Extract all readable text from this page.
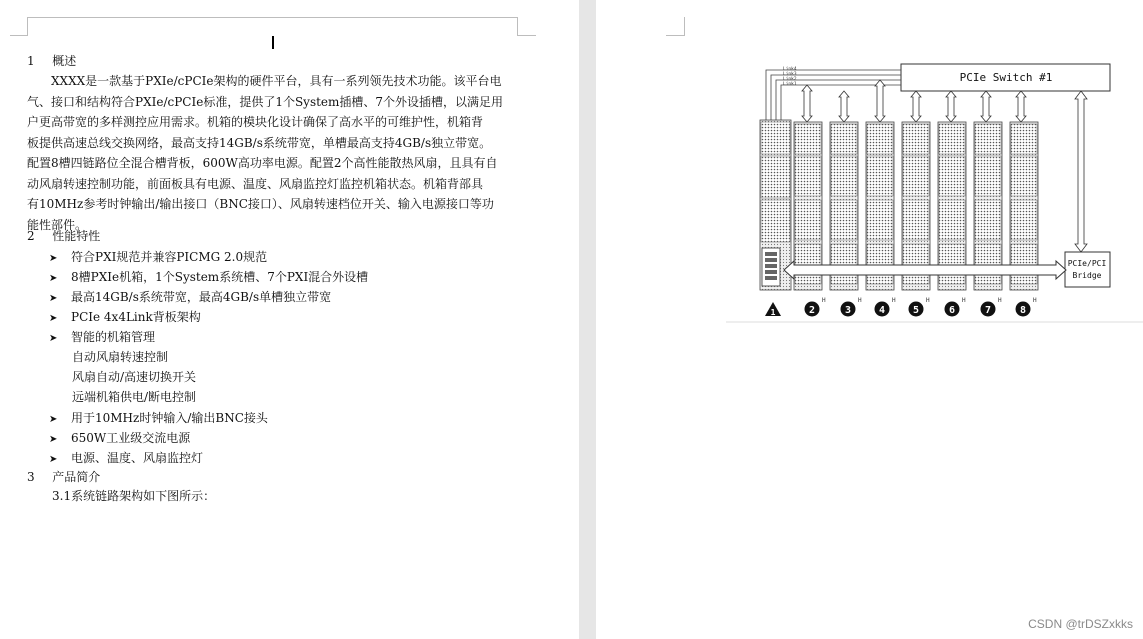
1 概述
XXXX是一款基于PXIe/cPCIe架构的硬件平台，具有一系列领先技术功能。该平台电
气、接口和结构符合PXIe/cPCIe标准，提供了1个System插槽、7个外设插槽，以满足用
户更高带宽的多样测控应用需求。机箱的模块化设计确保了高水平的可维护性，机箱背
板提供高速总线交换网络，最高支持14GB/s系统带宽，单槽最高支持4GB/s独立带宽。
配置8槽四链路位全混合槽背板，600W高功率电源。配置2个高性能散热风扇，且具有自
动风扇转速控制功能，前面板具有电源、温度、风扇监控灯监控机箱状态。机箱背部具
有10MHz参考时钟输出/输出接口（BNC接口）、风扇转速档位开关、输入电源接口等功
能性部件。
2 性能特性
➤ 符合PXI规范并兼容PICMG 2.0规范
➤ 8槽PXIe机箱，1个System系统槽、7个PXI混合外设槽
➤ 最高14GB/s系统带宽，最高4GB/s单槽独立带宽
➤ PCIe 4x4Link背板架构
➤ 智能的机箱管理
自动风扇转速控制
风扇自动/高速切换开关
远端机箱供电/断电控制
➤ 用于10MHz时钟输入/输出BNC接头
➤ 650W工业级交流电源
➤ 电源、温度、风扇监控灯
3 产品简介
3.1系统链路架构如下图所示：
PCIe Switch #1
Link4
Link3
Link2
Link1
PCIe/PCI
Bridge
1	2
H
3
H
4
H
5
H
6
H
7
H
8
H
CSDN @trDSZxkks
